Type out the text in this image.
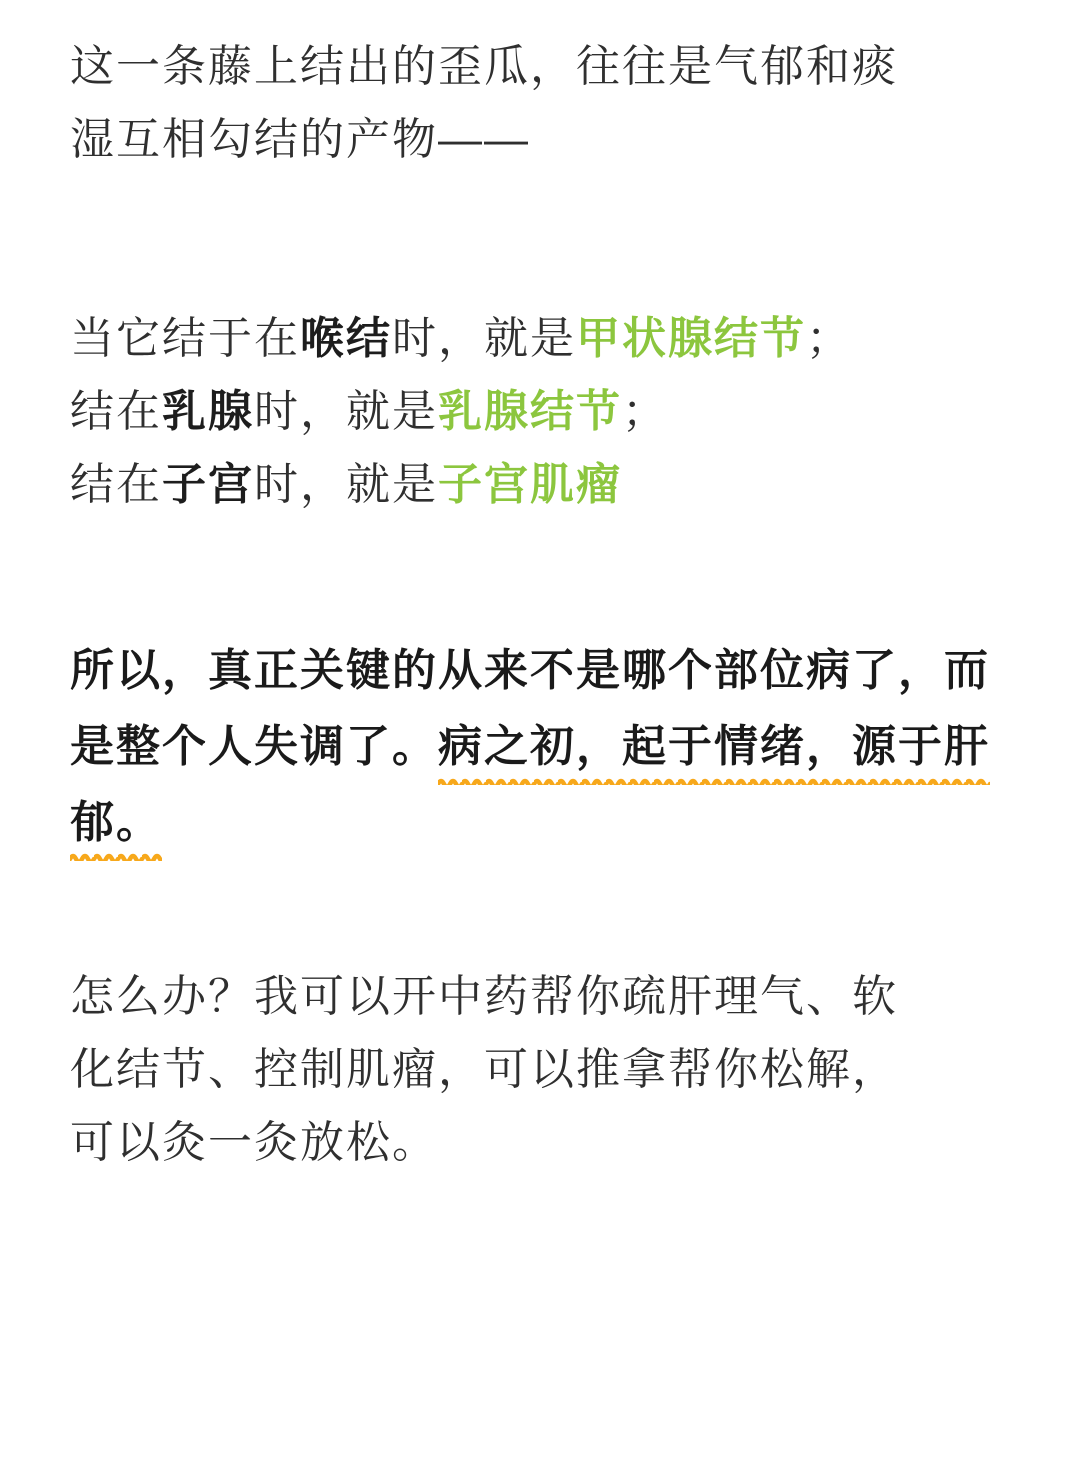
这一条藤上结出的歪瓜，往往是气郁和痰
湿互相勾结的产物——

当它结于在喉结时，就是甲状腺结节；
结在乳腺时，就是乳腺结节；
结在子宫时，就是子宫肌瘤

所以，真正关键的从来不是哪个部位病了，而是整个人失调了。病之初，起于情绪，源于肝郁。

怎么办？我可以开中药帮你疏肝理气、软
化结节、控制肌瘤，可以推拿帮你松解，
可以灸一灸放松。
